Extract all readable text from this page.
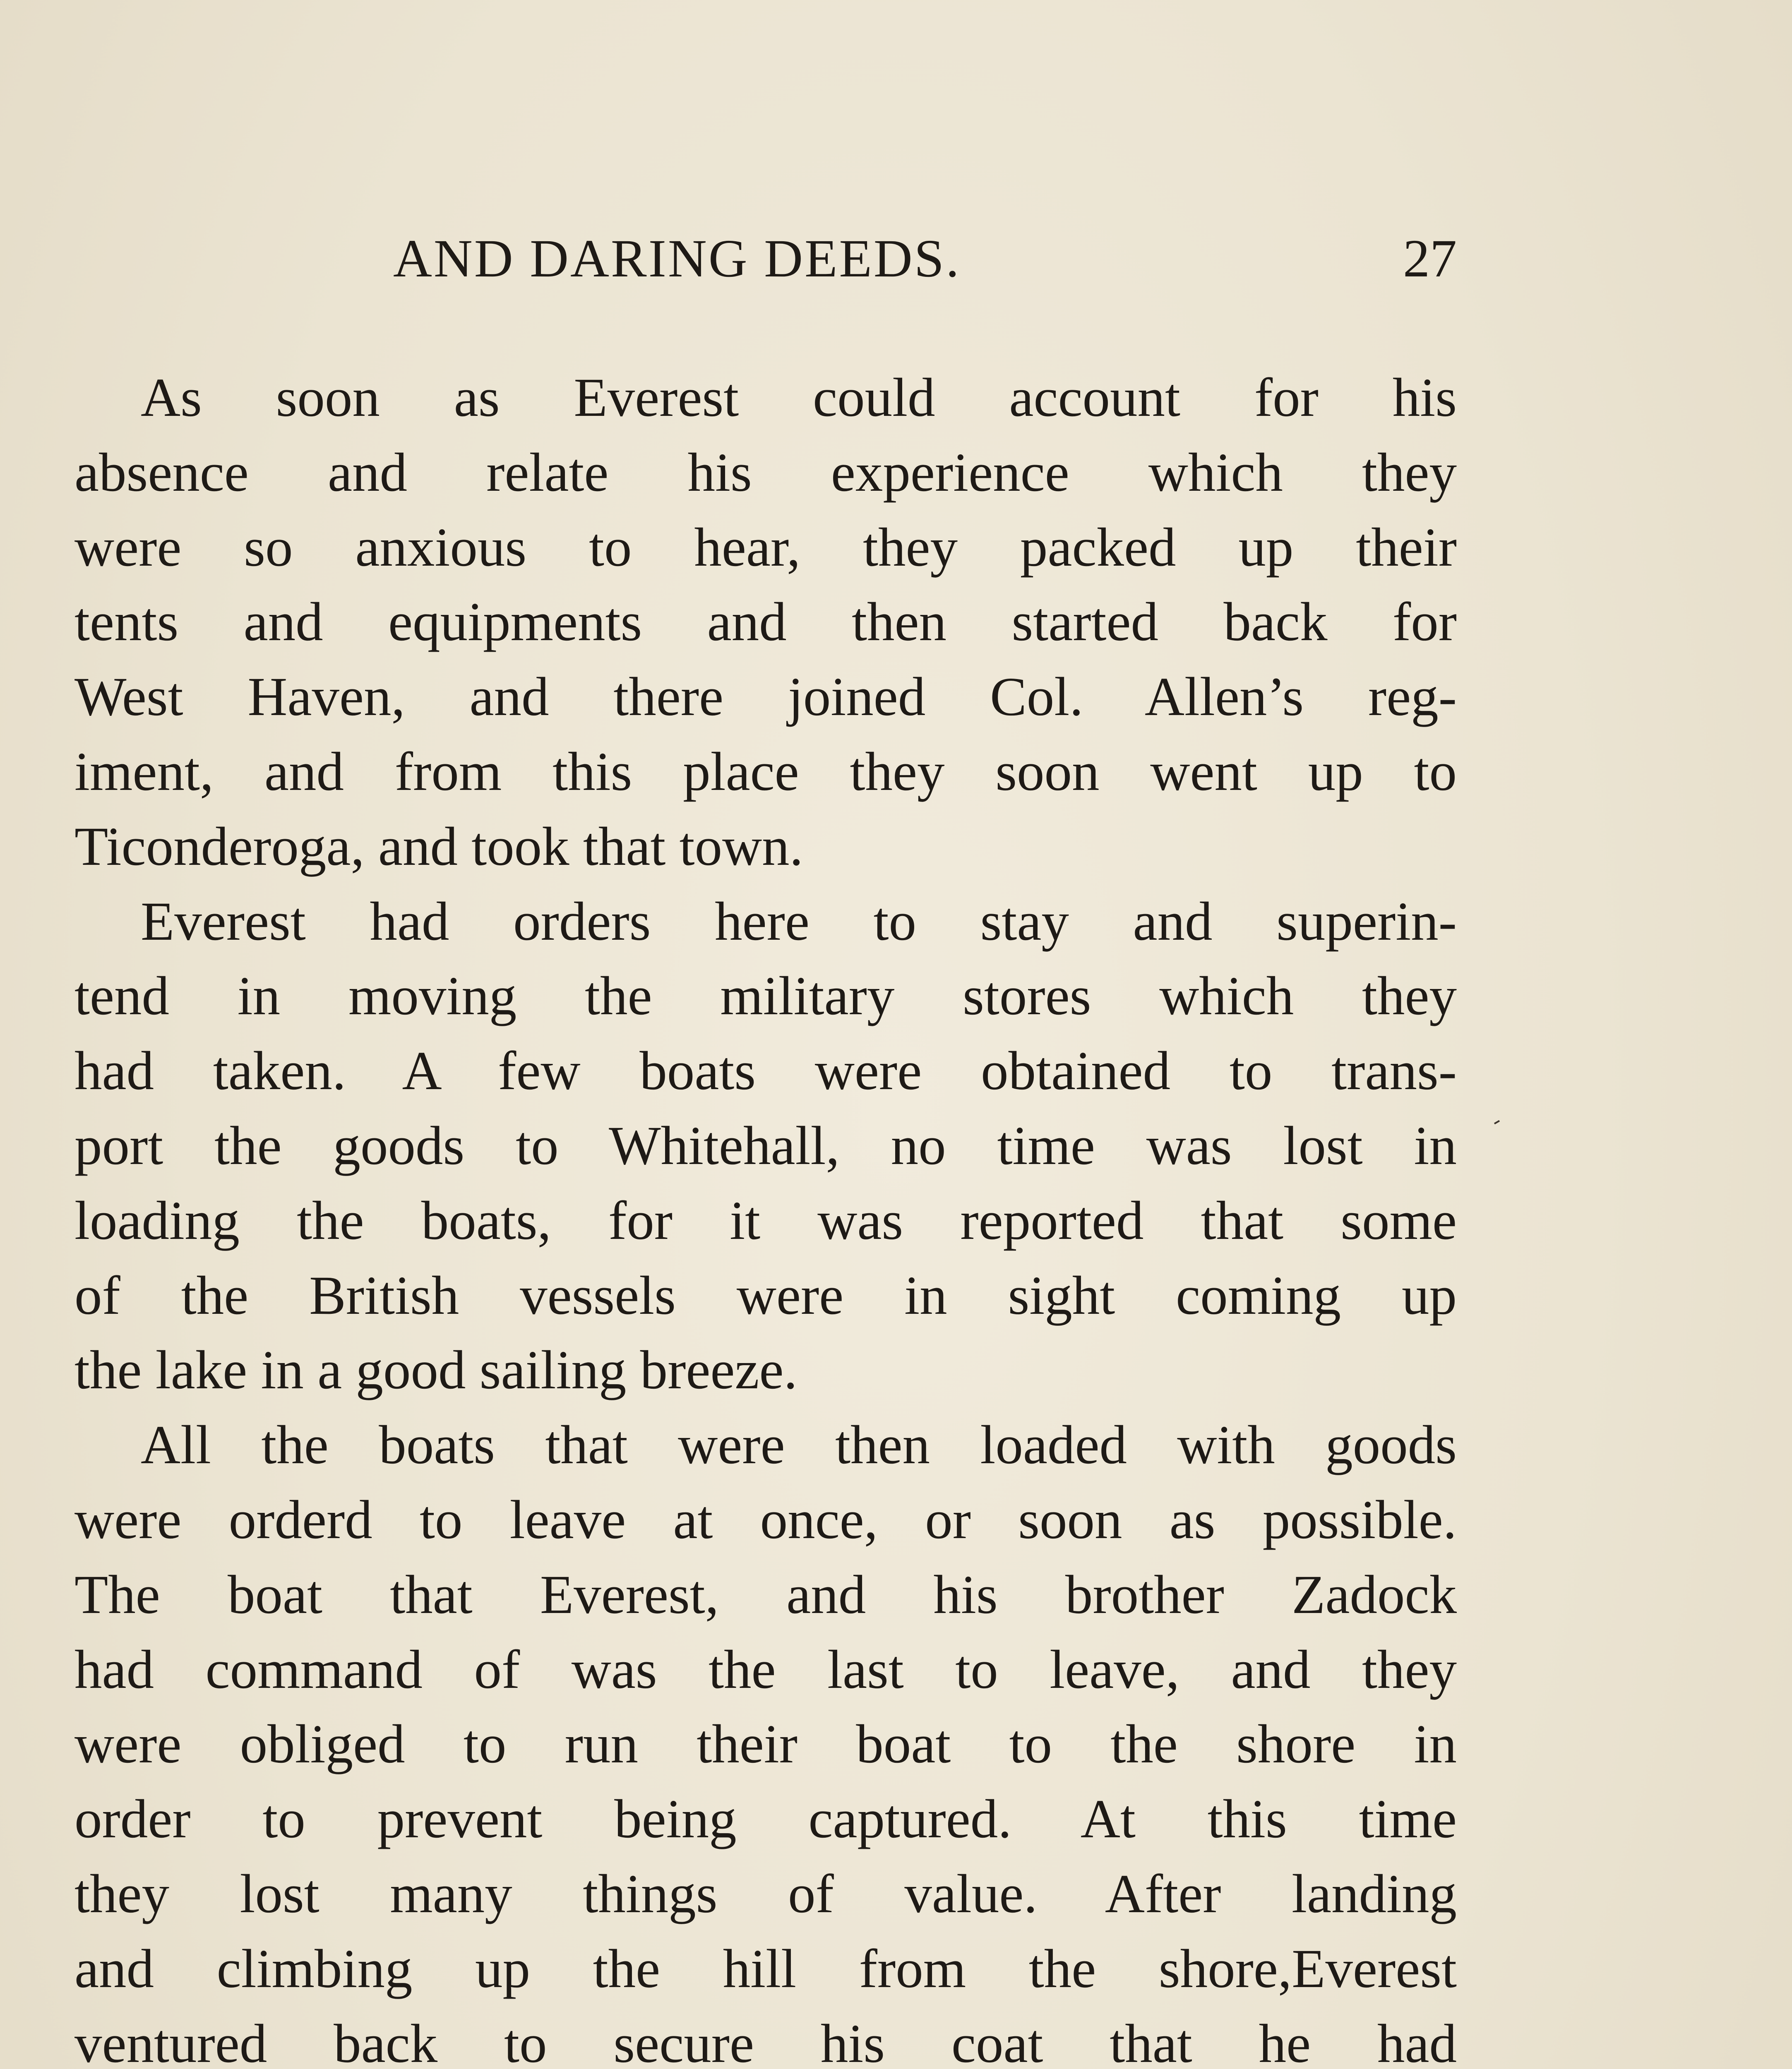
AND DARING DEEDS.	27
As soon as Everest could account for his
absence and relate his experience which they
were so anxious to hear, they packed up their
tents and equipments and then started back for
West Haven, and there joined Col. Allen’s reg-
iment, and from this place they soon went up to
Ticonderoga, and took that town.
Everest had orders here to stay and superin-
tend in moving the military stores which they
had taken. A few boats were obtained to trans-
port the goods to Whitehall, no time was lost in
loading the boats, for it was reported that some
of the British vessels were in sight coming up
the lake in a good sailing breeze.
All the boats that were then loaded with goods
were orderd to leave at once, or soon as possible.
The boat that Everest, and his brother Zadock
had command of was the last to leave, and they
were obliged to run their boat to the shore in
order to prevent being captured. At this time
they lost many things of value. After landing
and climbing up the hill from the shore,Everest
ventured back to secure his coat that he had
